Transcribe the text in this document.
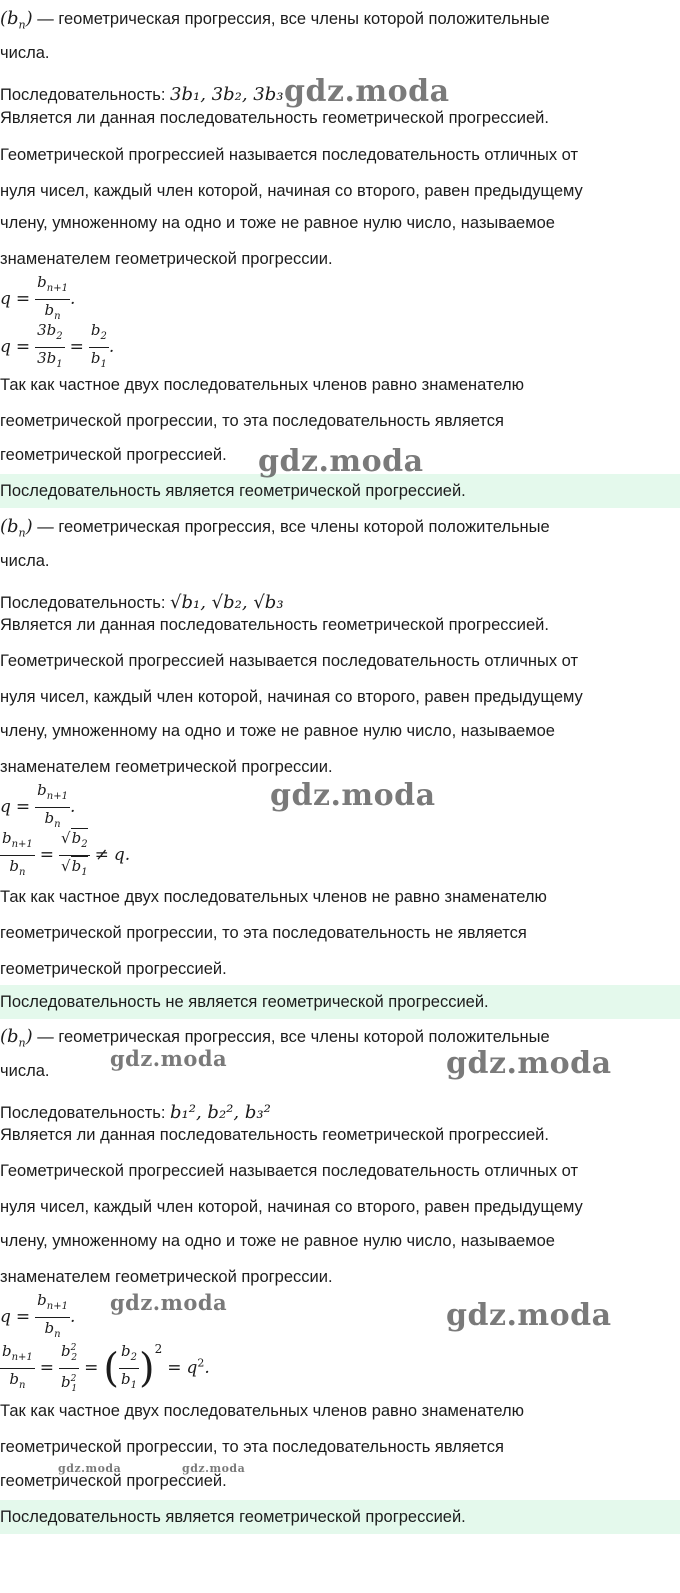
$(b_n)$ — геометрическая прогрессия, все члены которой положительные
числа.
Последовательность: 3b₁, 3b₂, 3b₃
Является ли данная последовательность геометрической прогрессией.
Геометрической прогрессией называется последовательность отличных от
нуля чисел, каждый член которой, начиная со второго, равен предыдущему
члену, умноженному на одно и тоже не равное нулю число, называемое
знаменателем геометрической прогрессии.
$q = \frac{b_{n+1}}{b_n}$ .
$q = \frac{3b_2}{3b_1} = \frac{b_2}{b_1}$ .
Так как частное двух последовательных членов равно знаменателю
геометрической прогрессии, то эта последовательность является
геометрической прогрессией.
Последовательность является геометрической прогрессией.
$(b_n)$ — геометрическая прогрессия, все члены которой положительные
числа.
Последовательность: √b₁, √b₂, √b₃
Является ли данная последовательность геометрической прогрессией.
Геометрической прогрессией называется последовательность отличных от
нуля чисел, каждый член которой, начиная со второго, равен предыдущему
члену, умноженному на одно и тоже не равное нулю число, называемое
знаменателем геометрической прогрессии.
$q = \frac{b_{n+1}}{b_n}$ .
$\frac{b_{n+1}}{b_n} = \frac{√b_2}{√b_1} \ne q$.
Так как частное двух последовательных членов не равно знаменателю
геометрической прогрессии, то эта последовательность не является
геометрической прогрессией.
Последовательность не является геометрической прогрессией.
$(b_n)$ — геометрическая прогрессия, все члены которой положительные
числа.
Последовательность: b₁², b₂², b₃²
Является ли данная последовательность геометрической прогрессией.
Геометрической прогрессией называется последовательность отличных от
нуля чисел, каждый член которой, начиная со второго, равен предыдущему
члену, умноженному на одно и тоже не равное нулю число, называемое
знаменателем геометрической прогрессии.
$q = \frac{b_{n+1}}{b_n}$ .
$\frac{b_{n+1}}{b_n} = \frac{b^2_2}{b^2_1}$ = ( $\frac{b_2}{b_1} )^2= q^2$.
Так как частное двух последовательных членов равно знаменателю
геометрической прогрессии, то эта последовательность является
геометрической прогрессией.
Последовательность является геометрической прогрессией.
gdz.moda
gdz.moda
gdz.moda
gdz.moda	gdz.moda
gdz.moda	gdz.moda
gdz.moda	gdz.moda
